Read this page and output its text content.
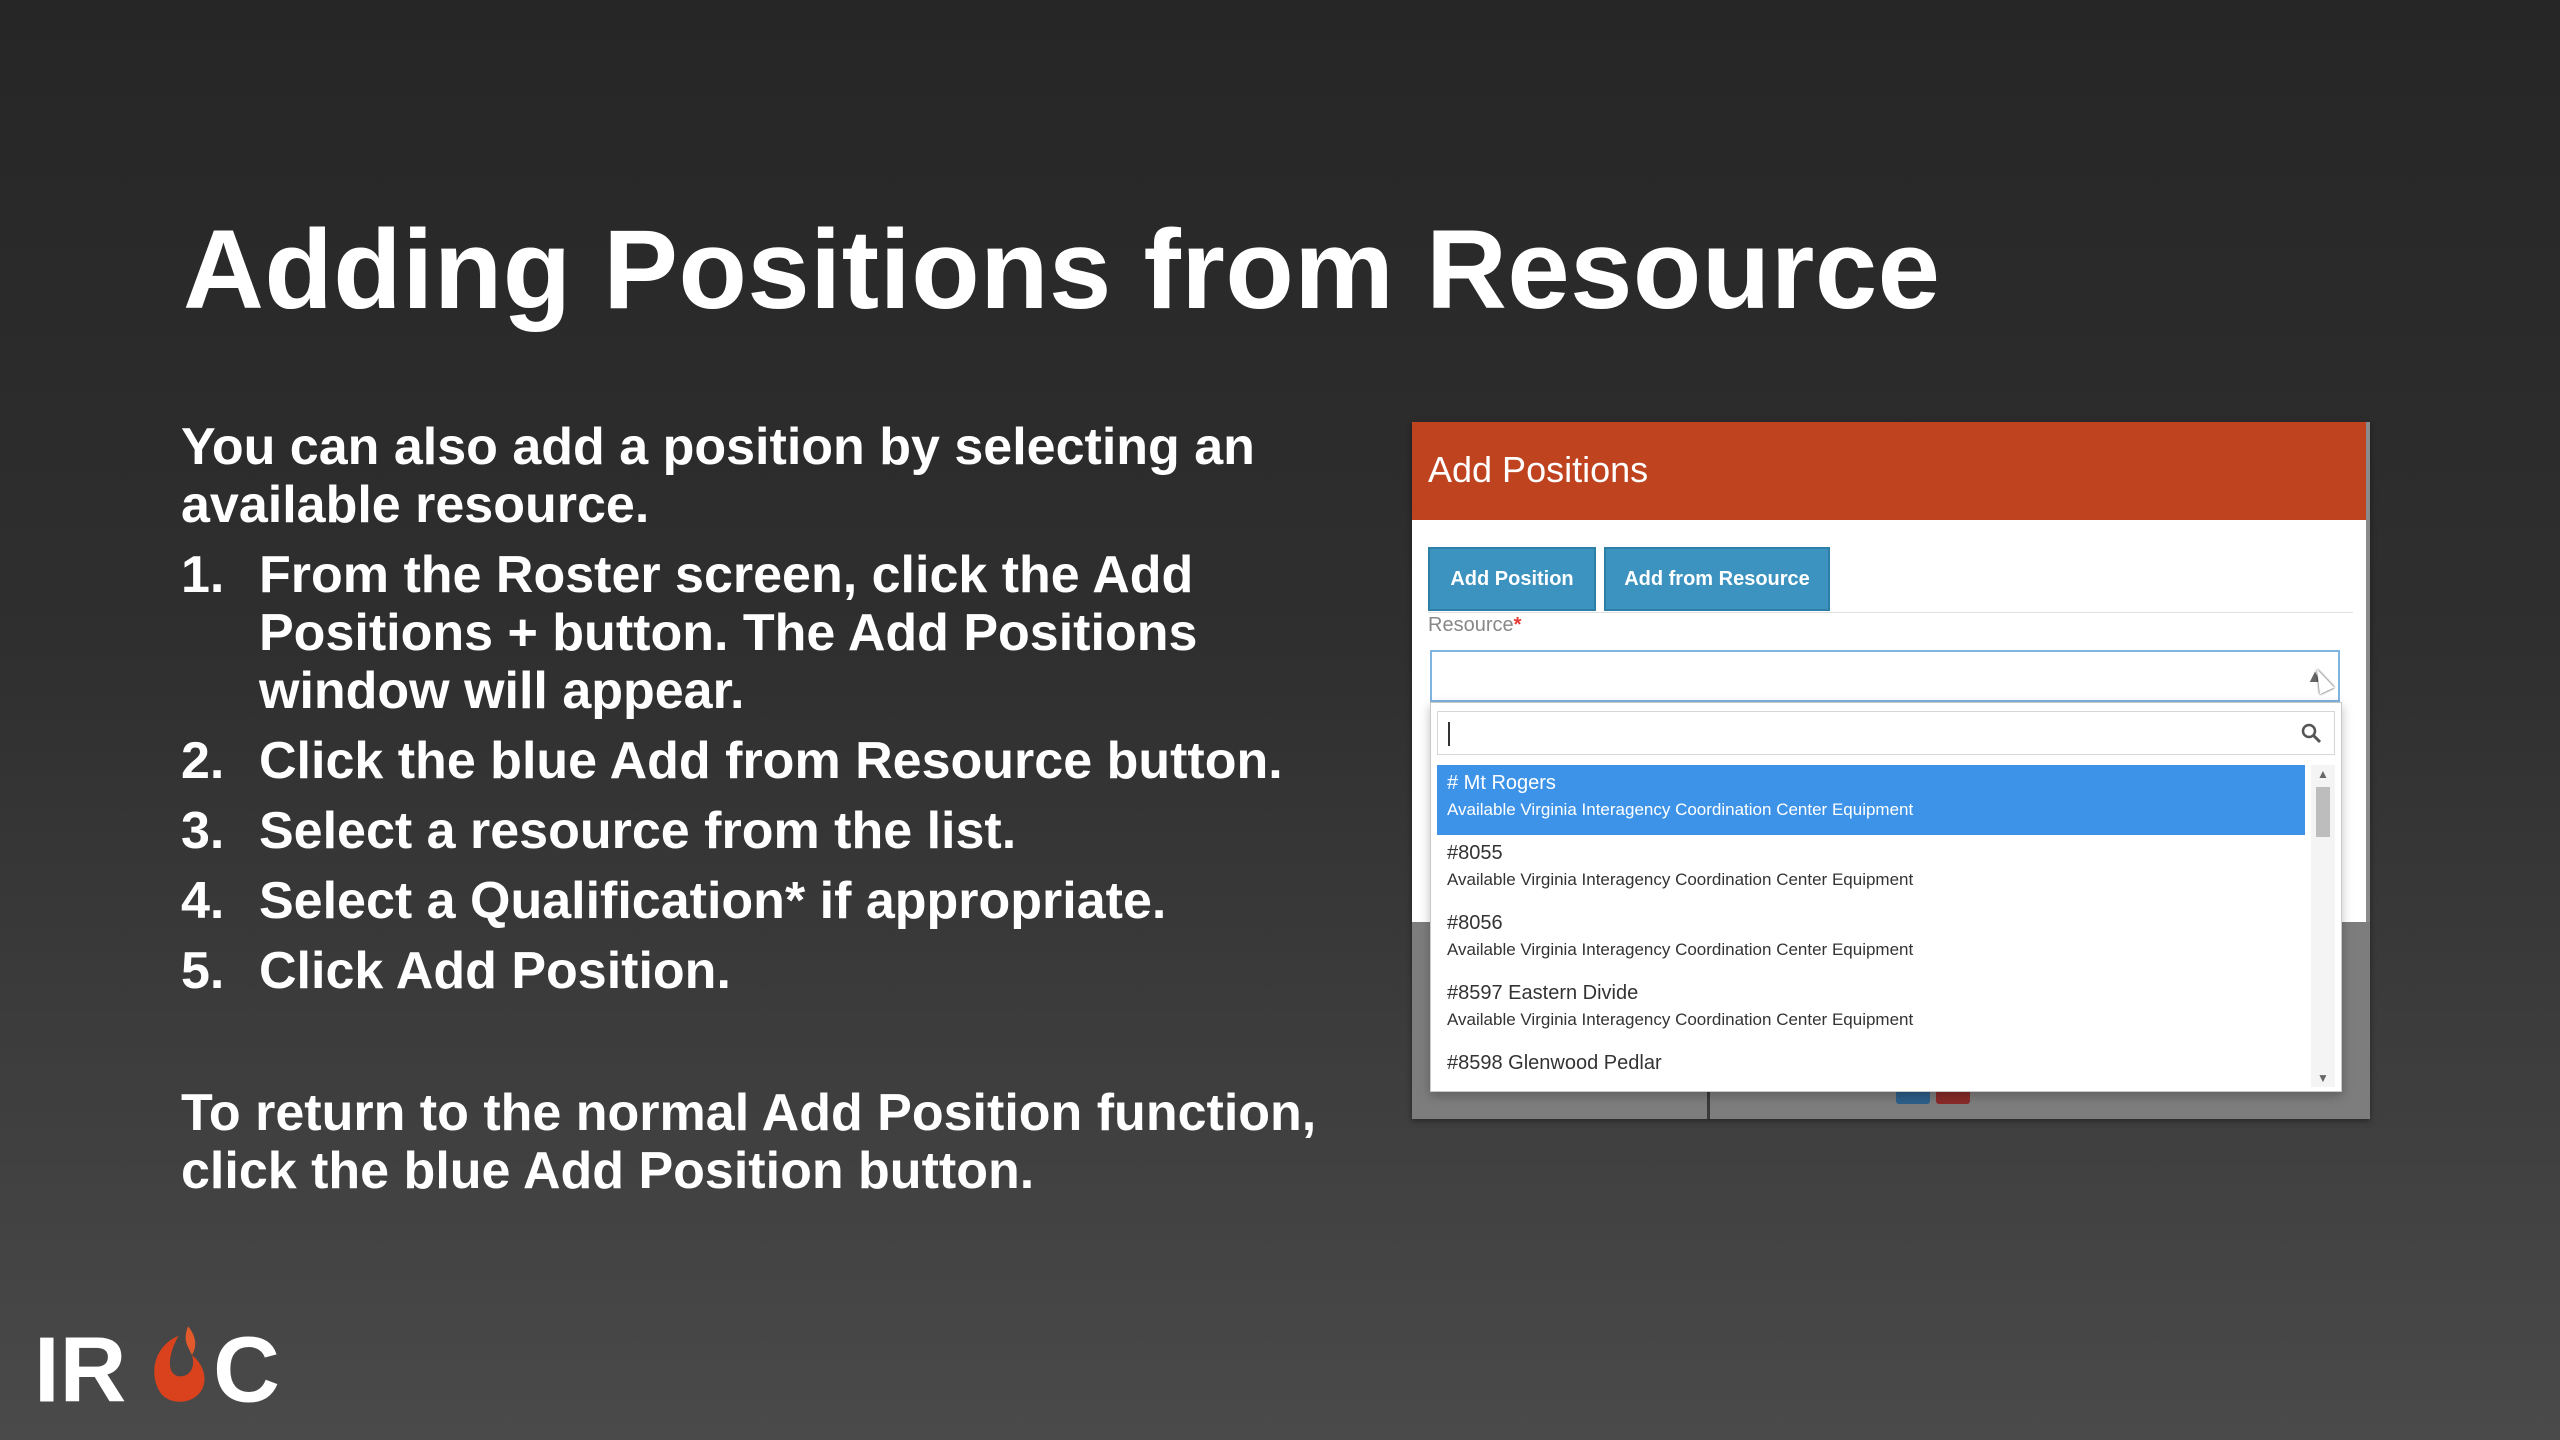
Adding Positions from Resource

You can also add a position by selecting an available resource.

1. From the Roster screen, click the Add Positions + button. The Add Positions window will appear.
2. Click the blue Add from Resource button.
3. Select a resource from the list.
4. Select a Qualification* if appropriate.
5. Click Add Position.

To return to the normal Add Position function, click the blue Add Position button.

Add Positions
Add Position	Add from Resource
Resource*
▲
# Mt Rogers
Available Virginia Interagency Coordination Center Equipment
#8055
Available Virginia Interagency Coordination Center Equipment
#8056
Available Virginia Interagency Coordination Center Equipment
#8597 Eastern Divide
Available Virginia Interagency Coordination Center Equipment
#8598 Glenwood Pedlar
▲
▼
IR C
